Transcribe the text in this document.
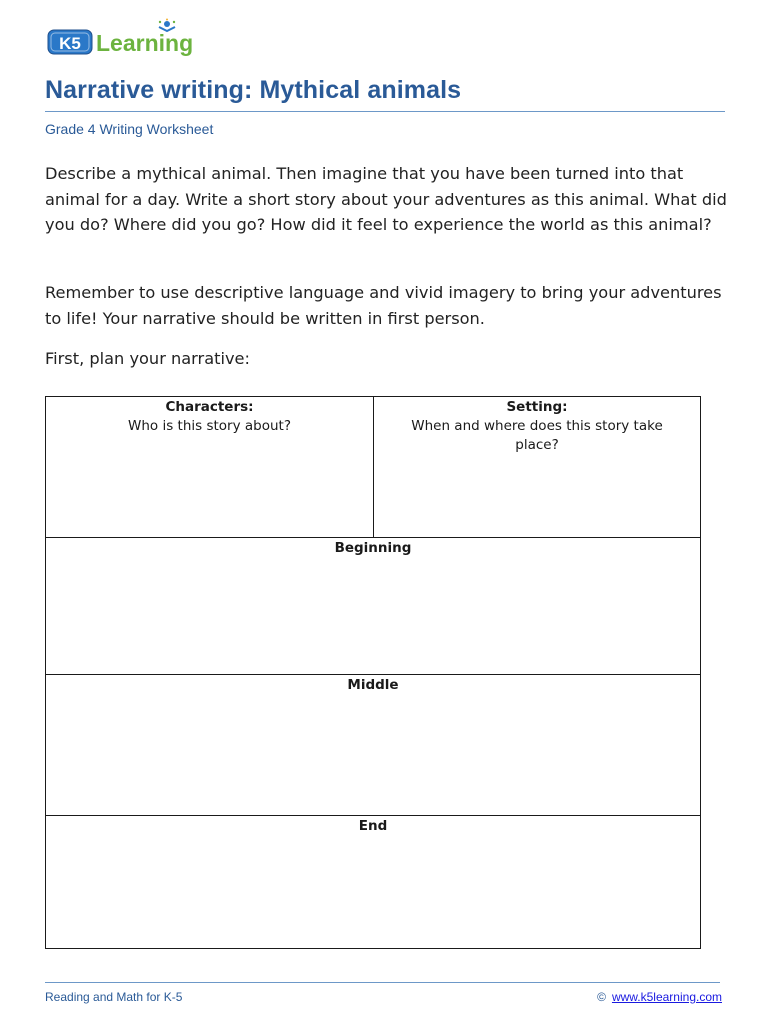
K5 Learning
Narrative writing: Mythical animals
Grade 4 Writing Worksheet

Describe a mythical animal. Then imagine that you have been turned into that animal for a day. Write a short story about your adventures as this animal. What did you do? Where did you go? How did it feel to experience the world as this animal?

Remember to use descriptive language and vivid imagery to bring your adventures to life! Your narrative should be written in first person.

First, plan your narrative:

Characters:
Who is this story about?
Setting:
When and where does this story take place?
Beginning
Middle
End
Reading and Math for K-5	© www.k5learning.com
